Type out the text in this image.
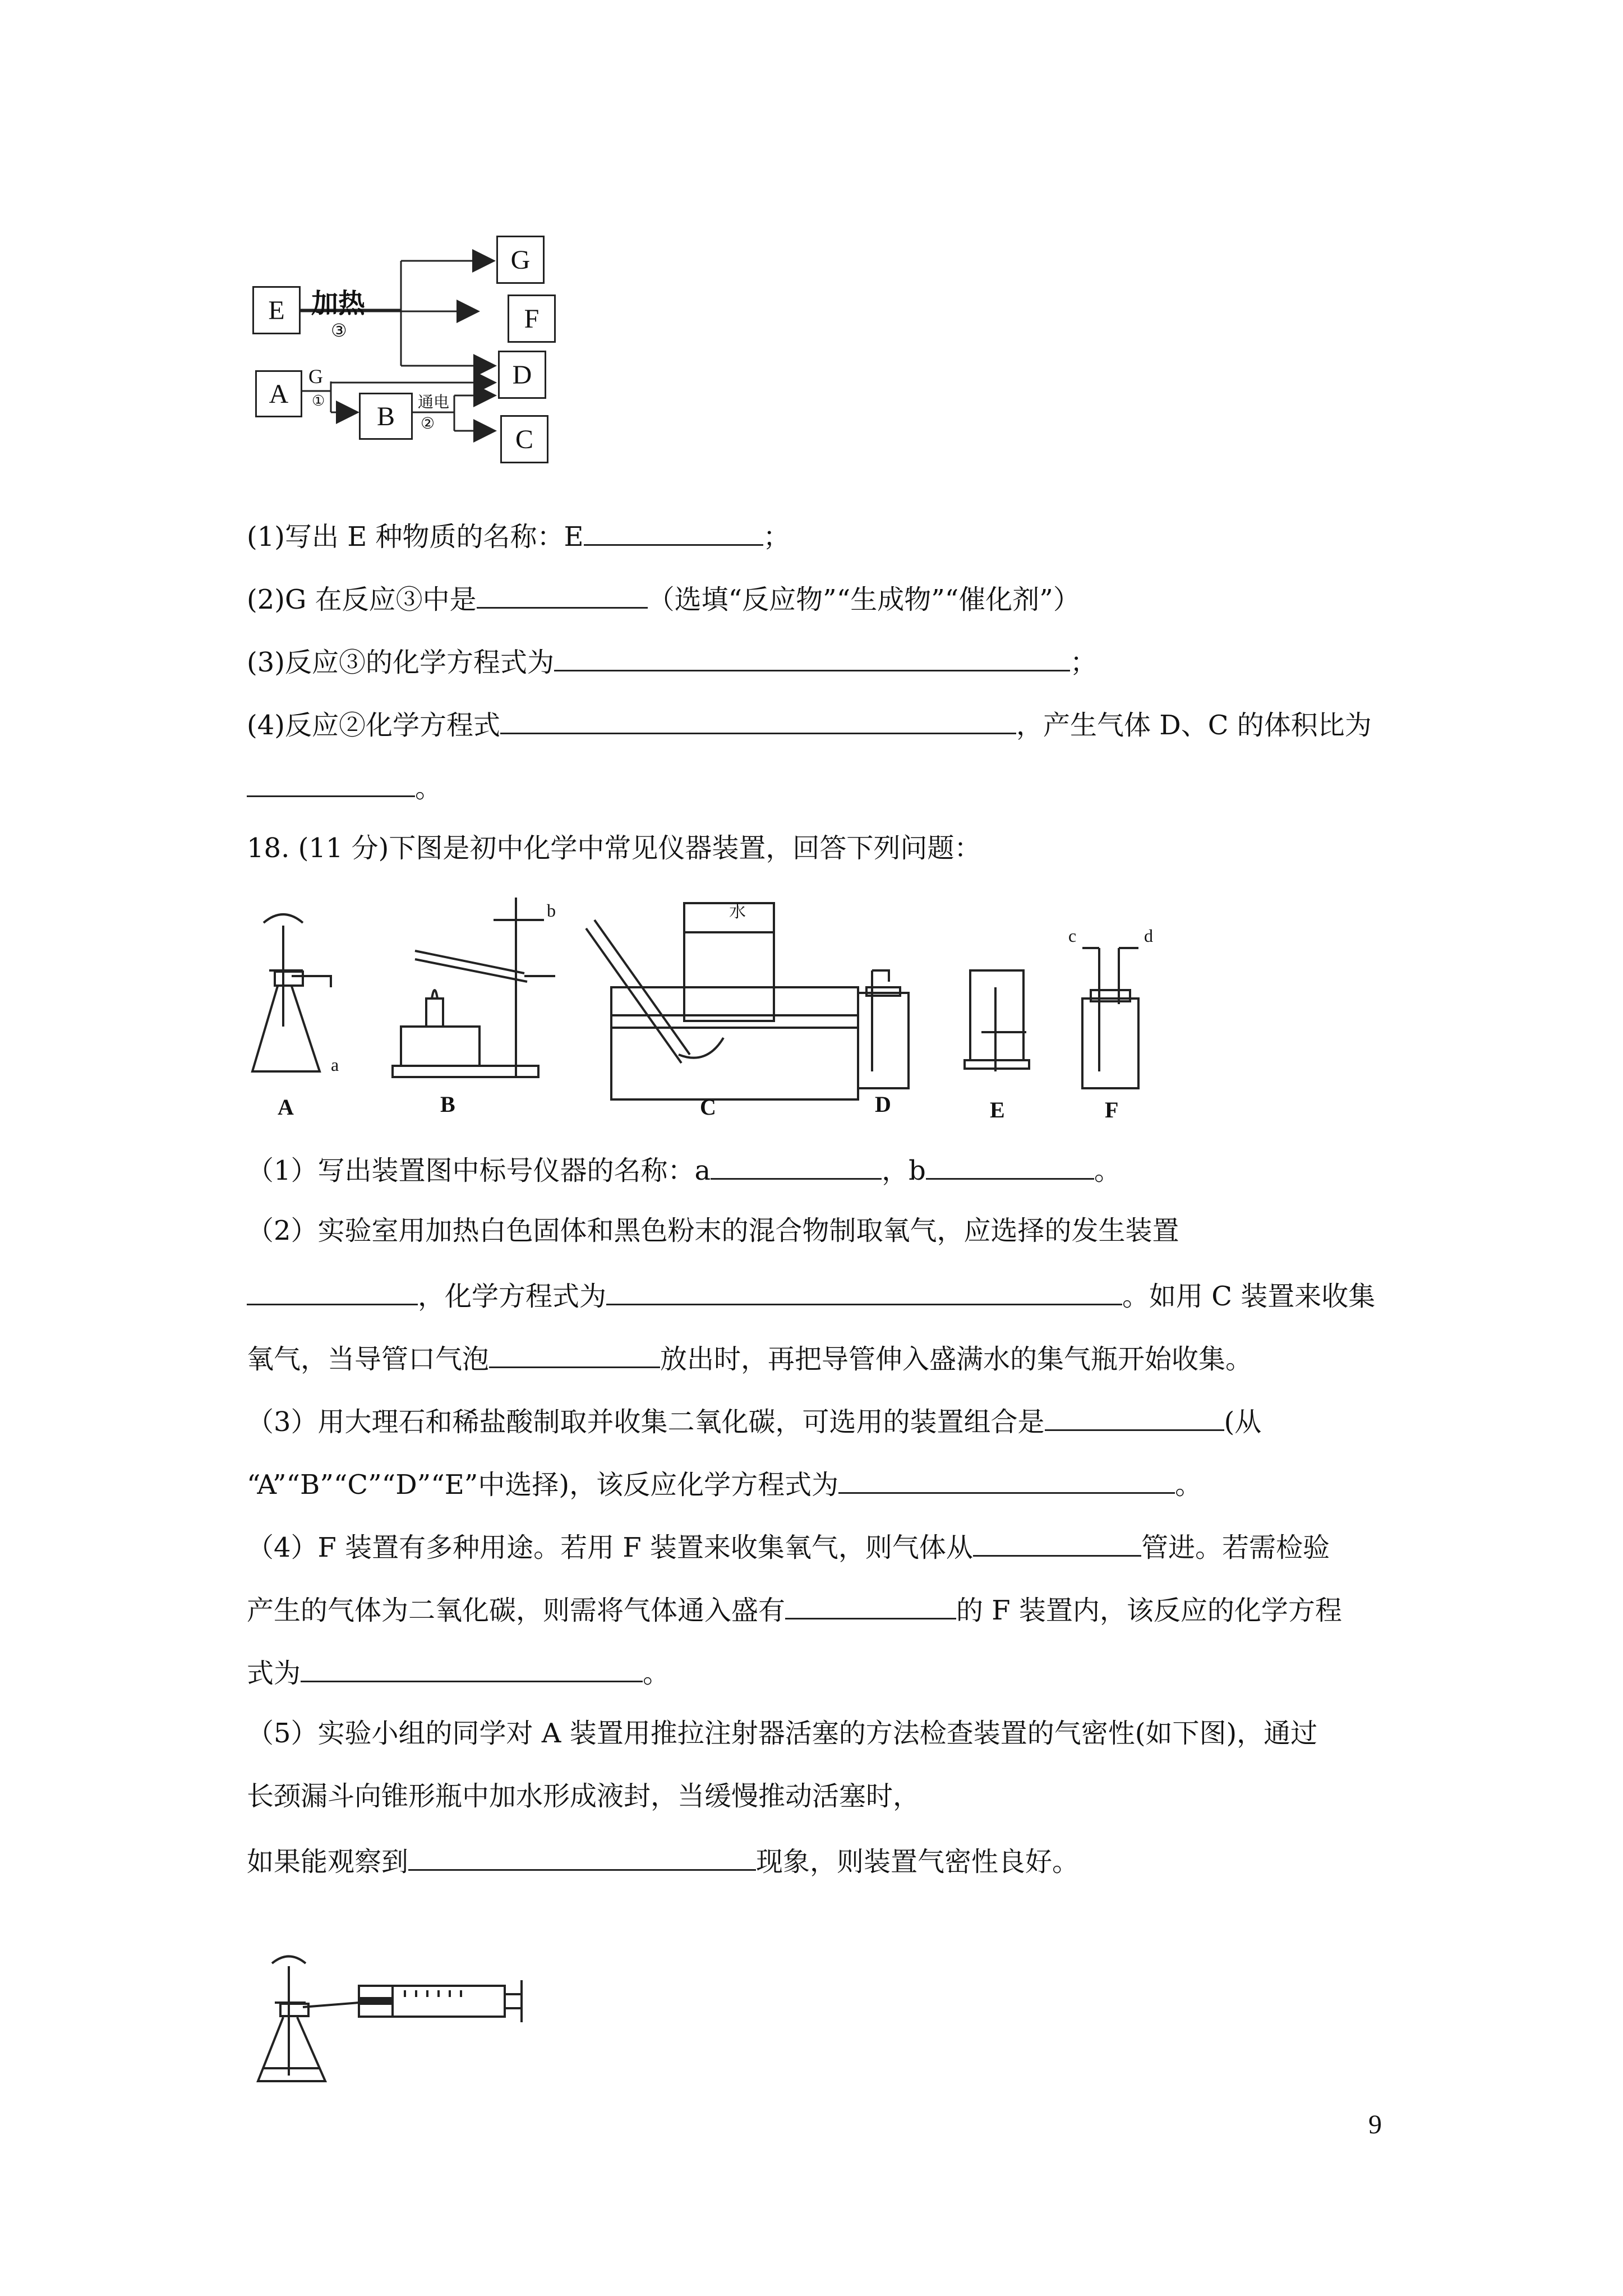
E
A
B
G
F
D
C
加热
③
G
①	通电
②
(1)写出 E 种物质的名称：E	；
(2)G 在反应③中是	（选填“反应物”“生成物”“催化剂”）
(3)反应③的化学方程式为	；
(4)反应②化学方程式	，产生气体 D、C 的体积比为
。
18. (11 分)下图是初中化学中常见仪器装置，回答下列问题：
A	B	C	D	E	F
a
b
c	d
水
（1）写出装置图中标号仪器的名称：a	，b	。
（2）实验室用加热白色固体和黑色粉末的混合物制取氧气，应选择的发生装置
，化学方程式为	。如用 C 装置来收集
氧气，当导管口气泡	放出时，再把导管伸入盛满水的集气瓶开始收集。
（3）用大理石和稀盐酸制取并收集二氧化碳，可选用的装置组合是	(从
“A”“B”“C”“D”“E”中选择)，该反应化学方程式为	。
（4）F 装置有多种用途。若用 F 装置来收集氧气，则气体从	管进。若需检验
产生的气体为二氧化碳，则需将气体通入盛有	的 F 装置内，该反应的化学方程
式为	。
（5）实验小组的同学对 A 装置用推拉注射器活塞的方法检查装置的气密性(如下图)，通过
长颈漏斗向锥形瓶中加水形成液封，当缓慢推动活塞时，
如果能观察到	现象，则装置气密性良好。
9
